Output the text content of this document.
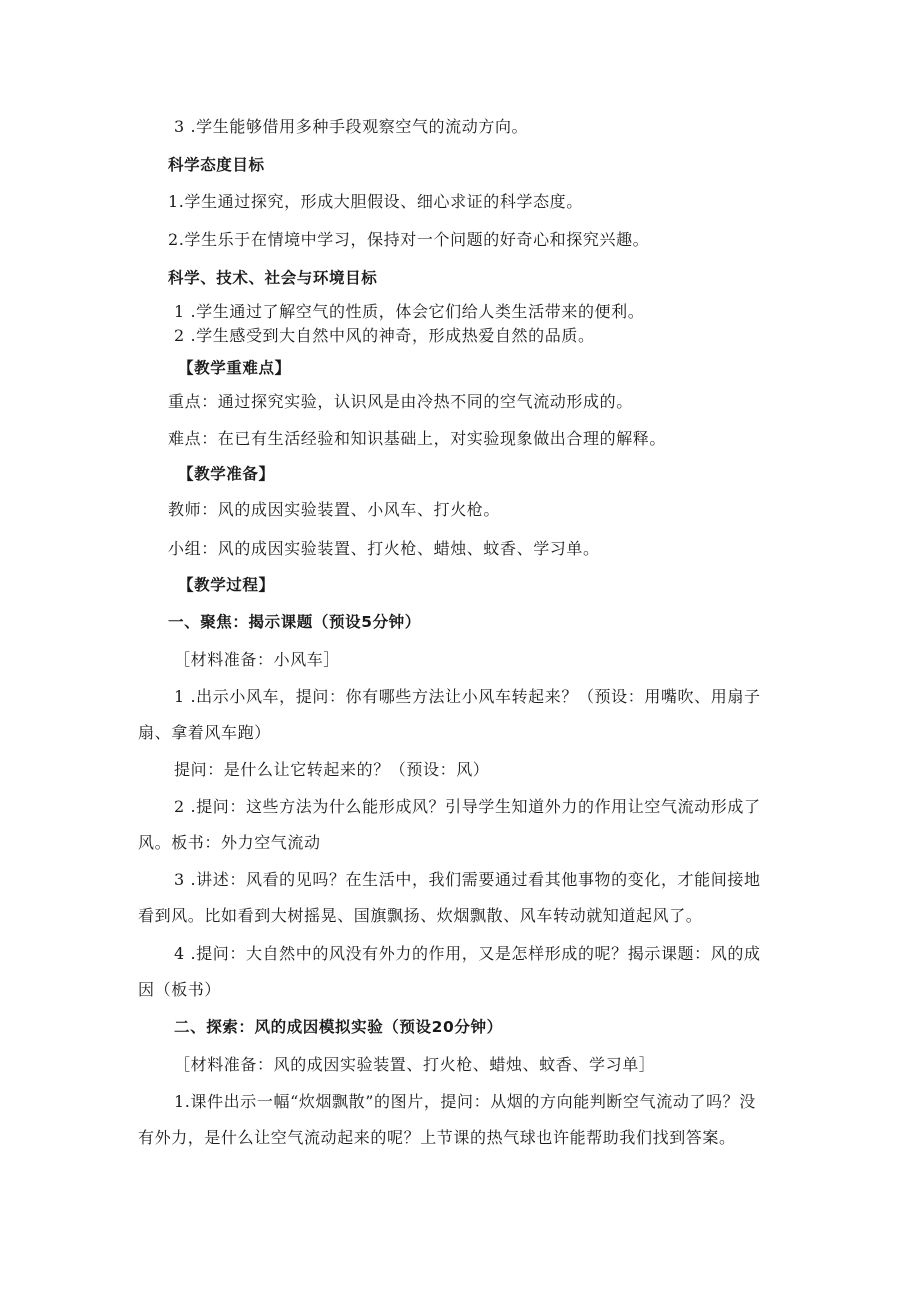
3 .学生能够借用多种手段观察空气的流动方向。
科学态度目标
1.学生通过探究，形成大胆假设、细心求证的科学态度。
2.学生乐于在情境中学习，保持对一个问题的好奇心和探究兴趣。
科学、技术、社会与环境目标
1 .学生通过了解空气的性质，体会它们给人类生活带来的便利。
2 .学生感受到大自然中风的神奇，形成热爱自然的品质。
【教学重难点】
重点：通过探究实验，认识风是由冷热不同的空气流动形成的。
难点：在已有生活经验和知识基础上，对实验现象做出合理的解释。
【教学准备】
教师：风的成因实验装置、小风车、打火枪。
小组：风的成因实验装置、打火枪、蜡烛、蚊香、学习单。
【教学过程】
一、聚焦：揭示课题（预设5分钟）
［材料准备：小风车］
1 .出示小风车，提问：你有哪些方法让小风车转起来？（预设：用嘴吹、用扇子
扇、拿着风车跑）
提问：是什么让它转起来的？（预设：风）
2 .提问：这些方法为什么能形成风？引导学生知道外力的作用让空气流动形成了
风。板书：外力空气流动
3 .讲述：风看的见吗？在生活中，我们需要通过看其他事物的变化，才能间接地
看到风。比如看到大树摇晃、国旗飘扬、炊烟飘散、风车转动就知道起风了。
4 .提问：大自然中的风没有外力的作用，又是怎样形成的呢？揭示课题：风的成
因（板书）
二、探索：风的成因模拟实验（预设20分钟）
［材料准备：风的成因实验装置、打火枪、蜡烛、蚊香、学习单］
1.课件出示一幅“炊烟飘散”的图片，提问：从烟的方向能判断空气流动了吗？没
有外力，是什么让空气流动起来的呢？上节课的热气球也许能帮助我们找到答案。
